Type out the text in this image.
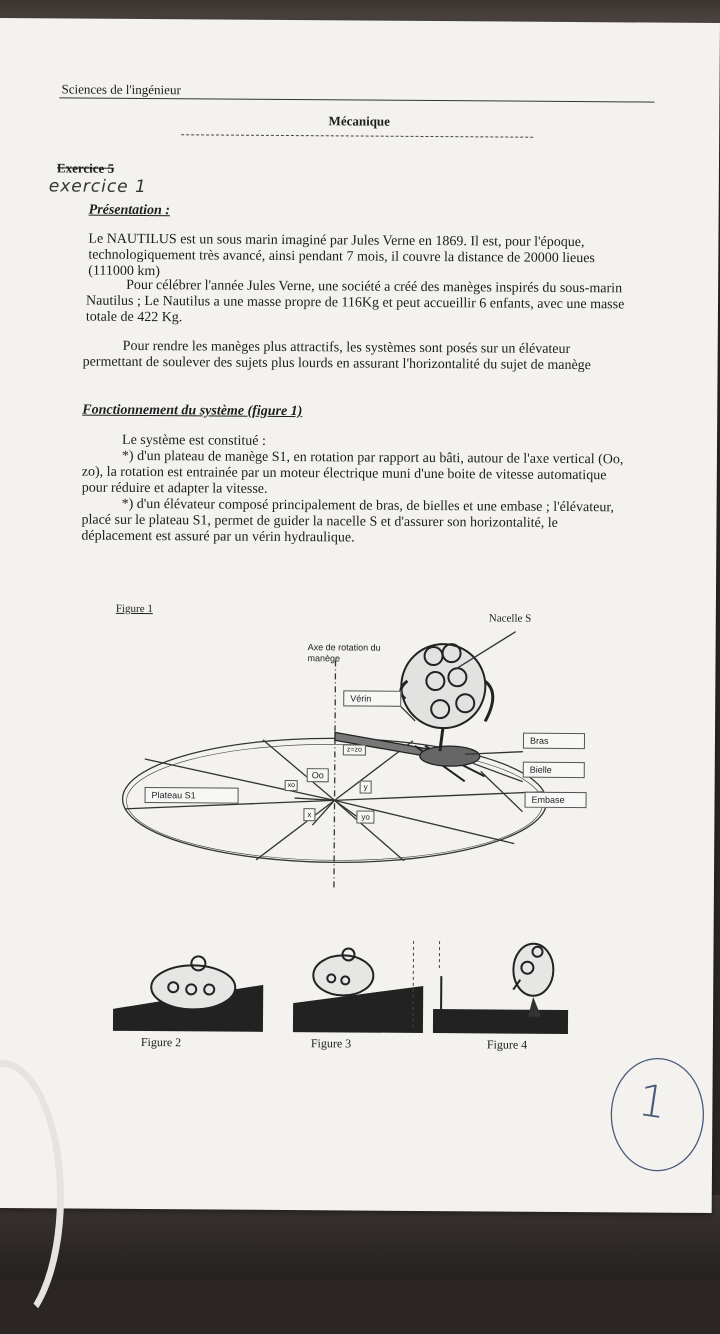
Sciences de l'ingénieur
Mécanique
Exercice 5
exercice 1
Présentation :

Le NAUTILUS est un sous marin imaginé par Jules Verne en 1869. Il est, pour l'époque, technologiquement très avancé, ainsi pendant 7 mois, il couvre la distance de 20000 lieues (111000 km)

Pour célébrer l'année Jules Verne, une société a créé des manèges inspirés du sous-marin Nautilus ; Le Nautilus a une masse propre de 116Kg et peut accueillir 6 enfants, avec une masse totale de 422 Kg.

Pour rendre les manèges plus attractifs, les systèmes sont posés sur un élévateur permettant de soulever des sujets plus lourds en assurant l'horizontalité du sujet de manège

Fonctionnement du système (figure 1)

Le système est constitué :

*) d'un plateau de manège S1, en rotation par rapport au bâti, autour de l'axe vertical (Oo, zo), la rotation est entrainée par un moteur électrique muni d'une boite de vitesse automatique pour réduire et adapter la vitesse.

*) d'un élévateur composé principalement de bras, de bielles et une embase ; l'élévateur, placé sur le plateau S1, permet de guider la nacelle S et d'assurer son horizontalité, le déplacement est assuré par un vérin hydraulique.

Figure 1
Nacelle S
Axe de rotation du manège
Vérin
Bras
Bielle
Embase
Plateau S1
Oo
z=zo
y
yo
x
xo
Figure 2	Figure 3	Figure 4
1
